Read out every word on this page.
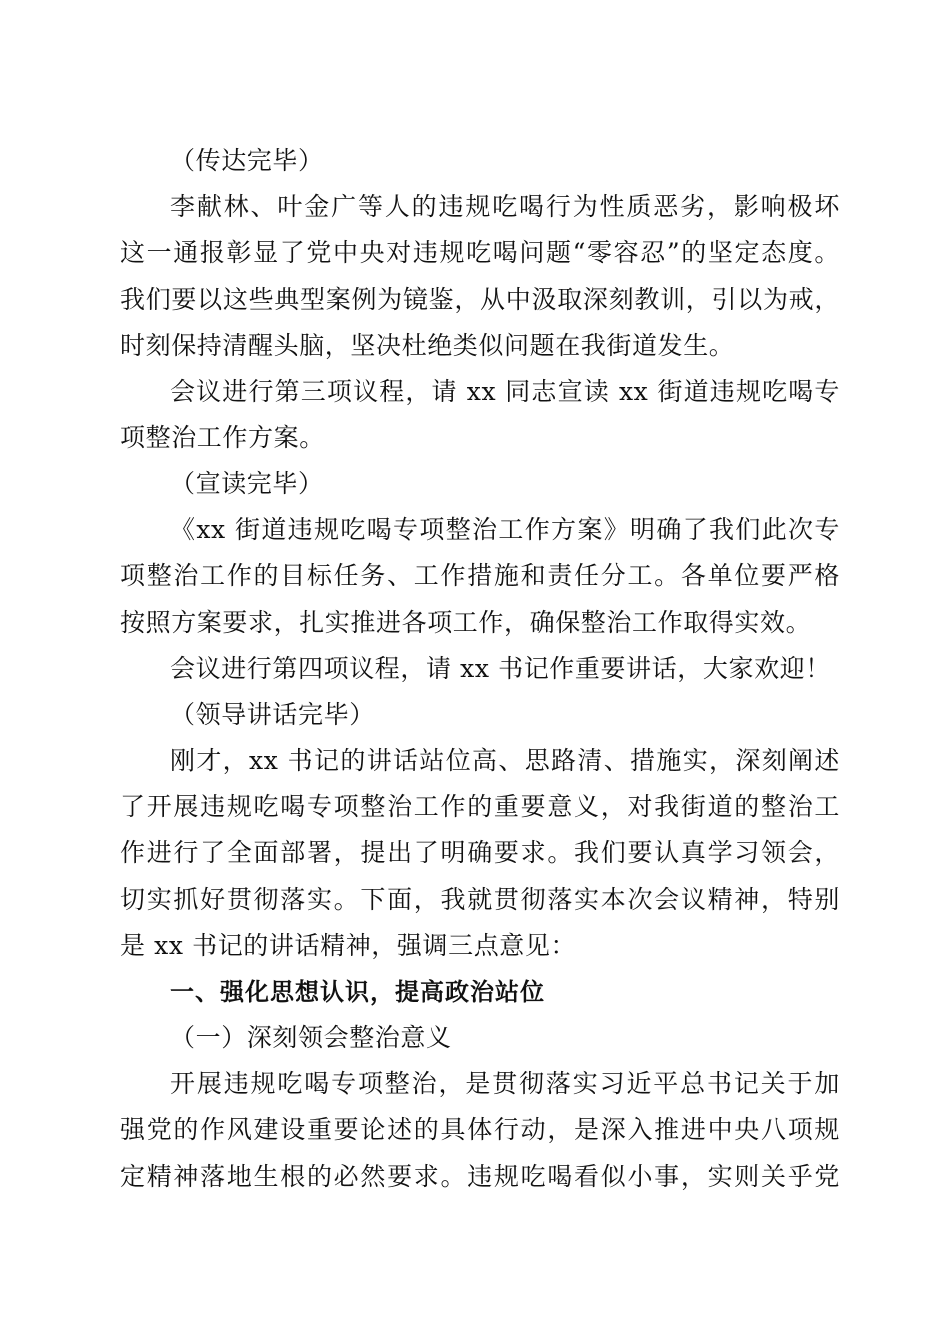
（传达完毕）
李献林、叶金广等人的违规吃喝行为性质恶劣，影响极坏
这一通报彰显了党中央对违规吃喝问题“零容忍”的坚定态度。
我们要以这些典型案例为镜鉴，从中汲取深刻教训，引以为戒，
时刻保持清醒头脑，坚决杜绝类似问题在我街道发生。
会议进行第三项议程，请 xx 同志宣读 xx 街道违规吃喝专
项整治工作方案。
（宣读完毕）
《xx 街道违规吃喝专项整治工作方案》明确了我们此次专
项整治工作的目标任务、工作措施和责任分工。各单位要严格
按照方案要求，扎实推进各项工作，确保整治工作取得实效。
会议进行第四项议程，请 xx 书记作重要讲话，大家欢迎！
（领导讲话完毕）
刚才，xx 书记的讲话站位高、思路清、措施实，深刻阐述
了开展违规吃喝专项整治工作的重要意义，对我街道的整治工
作进行了全面部署，提出了明确要求。我们要认真学习领会，
切实抓好贯彻落实。下面，我就贯彻落实本次会议精神，特别
是 xx 书记的讲话精神，强调三点意见：
一、强化思想认识，提高政治站位
（一）深刻领会整治意义
开展违规吃喝专项整治，是贯彻落实习近平总书记关于加
强党的作风建设重要论述的具体行动，是深入推进中央八项规
定精神落地生根的必然要求。违规吃喝看似小事，实则关乎党
